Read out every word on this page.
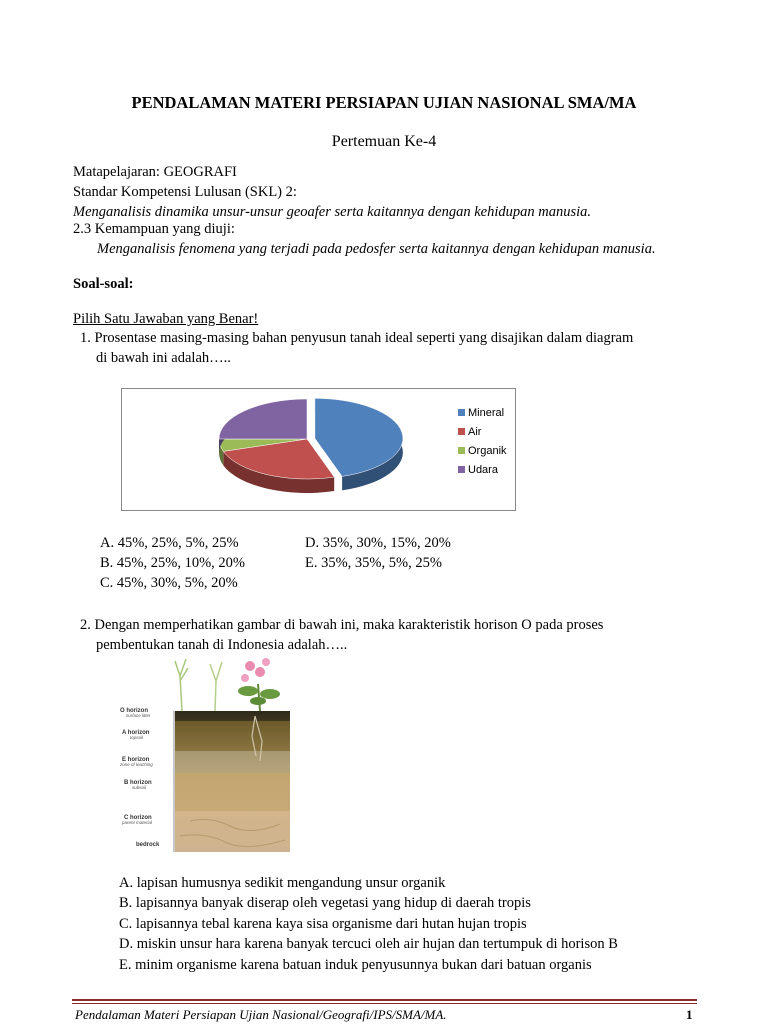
PENDALAMAN MATERI PERSIAPAN UJIAN NASIONAL SMA/MA
Pertemuan Ke-4
Matapelajaran: GEOGRAFI
Standar Kompetensi Lulusan (SKL) 2:
Menganalisis dinamika unsur-unsur geoafer serta kaitannya dengan kehidupan manusia.
2.3 Kemampuan yang diuji:
Menganalisis fenomena yang terjadi pada pedosfer serta kaitannya dengan kehidupan manusia.
Soal-soal:
Pilih Satu Jawaban yang Benar!
1. Prosentase masing-masing bahan penyusun tanah ideal seperti yang disajikan dalam diagram
di bawah ini adalah…..
Mineral
Air
Organik
Udara
A. 45%, 25%, 5%, 25%
B. 45%, 25%, 10%, 20%
C. 45%, 30%, 5%, 20%
D. 35%, 30%, 15%, 20%
E. 35%, 35%, 5%, 25%
2. Dengan memperhatikan gambar di bawah ini, maka karakteristik horison O pada proses
pembentukan tanah di Indonesia adalah…..
O horizon
surface litter
A horizon
topsoil
E horizon
zone of leaching
B horizon
subsoil
C horizon
parent material
bedrock
A. lapisan humusnya sedikit mengandung unsur organik
B. lapisannya banyak diserap oleh vegetasi yang hidup di daerah tropis
C. lapisannya tebal karena kaya sisa organisme dari hutan hujan tropis
D. miskin unsur hara karena banyak tercuci oleh air hujan dan tertumpuk di horison B
E. minim organisme karena batuan induk penyusunnya bukan dari batuan organis
Pendalaman Materi Persiapan Ujian Nasional/Geografi/IPS/SMA/MA.	1
